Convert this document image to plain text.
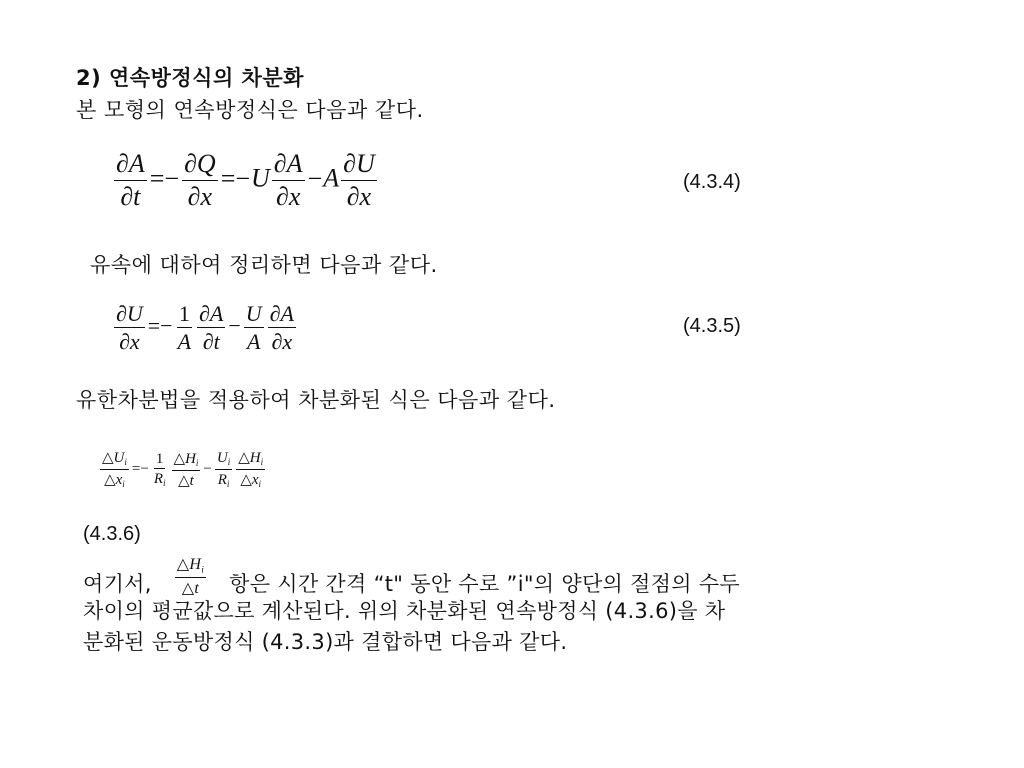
2) 연속방정식의 차분화
본 모형의 연속방정식은 다음과 같다.
$\frac{\partial A}{\partial t} =- \frac{\partial Q}{\partial x} =-U \frac{\partial A}{\partial x} -A \frac{\partial U}{\partial x}$	(4.3.4)
유속에 대하여 정리하면 다음과 같다.
$\frac{\partial U}{\partial x} =- \frac{1}{A} \frac{\partial A}{\partial t} - \frac{U}{A} \frac{\partial A}{\partial x}$	(4.3.5)
유한차분법을 적용하여 차분화된 식은 다음과 같다.
$\frac{\triangle U_i}{\triangle x_i} =- \frac{1}{R_i} \frac{\triangle H_i}{\triangle t} - \frac{U_i}{R_i} \frac{\triangle H_i}{\triangle x_i}$
(4.3.6)
여기서, $\frac{\triangle H_i}{\triangle t}$ 항은 시간 간격 “t" 동안 수로 ”i"의 양단의 절점의 수두
차이의 평균값으로 계산된다. 위의 차분화된 연속방정식 (4.3.6)을 차
분화된 운동방정식 (4.3.3)과 결합하면 다음과 같다.
